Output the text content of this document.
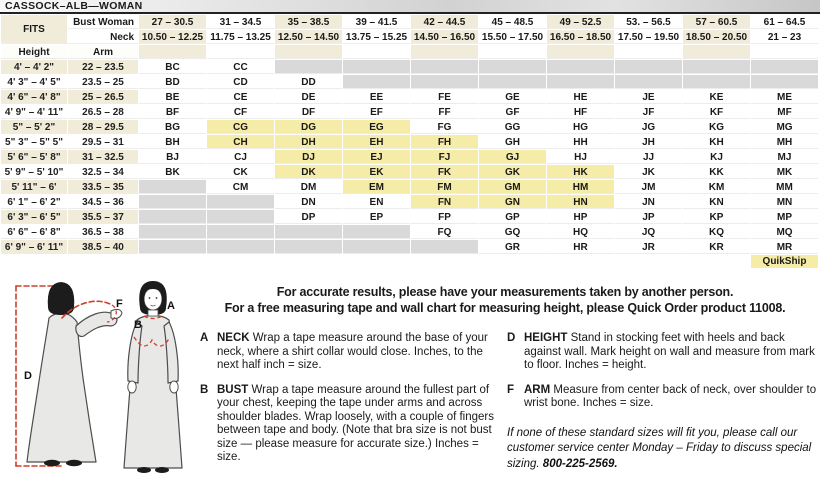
CASSOCK–ALB—WOMAN
FITS	Bust Woman	27 – 30.5	31 – 34.5	35 – 38.5	39 – 41.5	42 – 44.5	45 – 48.5	49 – 52.5	53. – 56.5	57 – 60.5	61 – 64.5
	Neck	10.50 – 12.25	11.75 – 13.25	12.50 – 14.50	13.75 – 15.25	14.50 – 16.50	15.50 – 17.50	16.50 – 18.50	17.50 – 19.50	18.50 – 20.50	21 – 23
Height	Arm										
4' – 4' 2"	22 – 23.5	BC	CC								
4' 3" – 4' 5"	23.5 – 25	BD	CD	DD							
4' 6" – 4' 8"	25 – 26.5	BE	CE	DE	EE	FE	GE	HE	JE	KE	ME
4' 9" – 4' 11"	26.5 – 28	BF	CF	DF	EF	FF	GF	HF	JF	KF	MF
5" – 5' 2"	28 – 29.5	BG	CG	DG	EG	FG	GG	HG	JG	KG	MG
5" 3" – 5" 5"	29.5 – 31	BH	CH	DH	EH	FH	GH	HH	JH	KH	MH
5' 6" – 5' 8"	31 – 32.5	BJ	CJ	DJ	EJ	FJ	GJ	HJ	JJ	KJ	MJ
5' 9" – 5' 10"	32.5 – 34	BK	CK	DK	EK	FK	GK	HK	JK	KK	MK
5' 11" – 6'	33.5 – 35		CM	DM	EM	FM	GM	HM	JM	KM	MM
6' 1" – 6' 2"	34.5 – 36			DN	EN	FN	GN	HN	JN	KN	MN
6' 3" – 6' 5"	35.5 – 37			DP	EP	FP	GP	HP	JP	KP	MP
6' 6" – 6' 8"	36.5 – 38					FQ	GQ	HQ	JQ	KQ	MQ
6' 9" – 6' 11"	38.5 – 40						GR	HR	JR	KR	MR
											QuikShip
D
F	A
B
For accurate results, please have your measurements taken by another person.
For a free measuring tape and wall chart for measuring height, please Quick Order product 11008.
A NECK Wrap a tape measure around the base of your neck, where a shirt collar would close. Inches, to the next half inch = size.
B BUST Wrap a tape measure around the fullest part of your chest, keeping the tape under arms and across shoulder blades. Wrap loosely, with a couple of fingers between tape and body. (Note that bra size is not bust size — please measure for accurate size.) Inches = size.
D HEIGHT Stand in stocking feet with heels and back against wall. Mark height on wall and measure from mark to floor. Inches = height.
F ARM Measure from center back of neck, over shoulder to wrist bone. Inches = size.
If none of these standard sizes will fit you, please call our customer service center Monday – Friday to discuss special sizing. 800-225-2569.
